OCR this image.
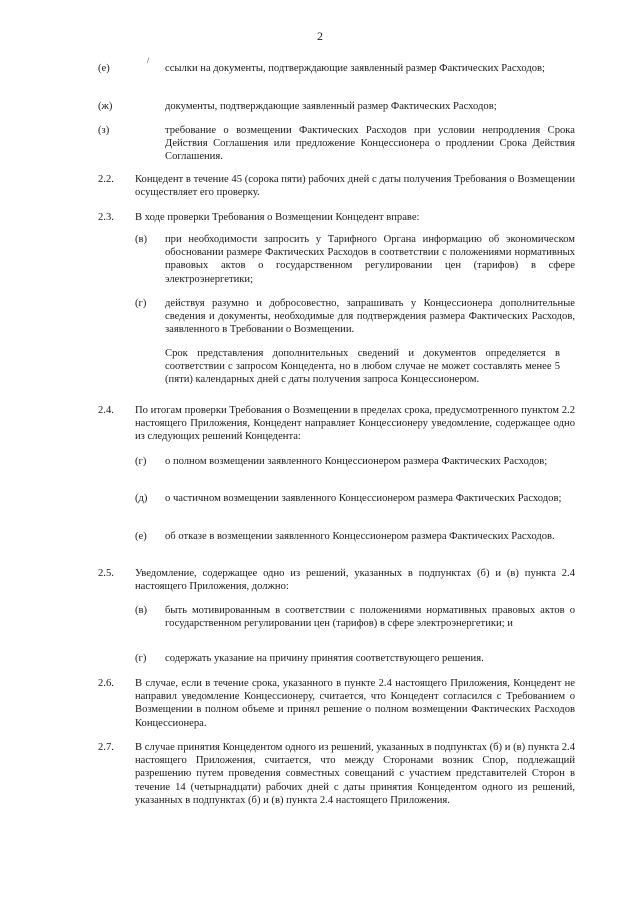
2
/
(е)	ссылки на документы, подтверждающие заявленный размер Фактических Расходов;
(ж)	документы, подтверждающие заявленный размер Фактических Расходов;
(з)	требование о возмещении Фактических Расходов при условии непродления Срока Действия Соглашения или предложение Концессионера о продлении Срока Действия Соглашения.
2.2. Концедент в течение 45 (сорока пяти) рабочих дней с даты получения Требования о Возмещении осуществляет его проверку.
2.3. В ходе проверки Требования о Возмещении Концедент вправе:
(в) при необходимости запросить у Тарифного Органа информацию об экономическом обосновании размере Фактических Расходов в соответствии с положениями нормативных правовых актов о государственном регулировании цен (тарифов) в сфере электроэнергетики;
(г) действуя разумно и добросовестно, запрашивать у Концессионера дополнительные сведения и документы, необходимые для подтверждения размера Фактических Расходов, заявленного в Требовании о Возмещении.
Срок представления дополнительных сведений и документов определяется в соответствии с запросом Концедента, но в любом случае не может составлять менее 5 (пяти) календарных дней с даты получения запроса Концессионером.
2.4. По итогам проверки Требования о Возмещении в пределах срока, предусмотренного пунктом 2.2 настоящего Приложения, Концедент направляет Концессионеру уведомление, содержащее одно из следующих решений Концедента:
(г) о полном возмещении заявленного Концессионером размера Фактических Расходов;
(д) о частичном возмещении заявленного Концессионером размера Фактических Расходов;
(е) об отказе в возмещении заявленного Концессионером размера Фактических Расходов.
2.5. Уведомление, содержащее одно из решений, указанных в подпунктах (б) и (в) пункта 2.4 настоящего Приложения, должно:
(в) быть мотивированным в соответствии с положениями нормативных правовых актов о государственном регулировании цен (тарифов) в сфере электроэнергетики; и
(г) содержать указание на причину принятия соответствующего решения.
2.6. В случае, если в течение срока, указанного в пункте 2.4 настоящего Приложения, Концедент не направил уведомление Концессионеру, считается, что Концедент согласился с Требованием о Возмещении в полном объеме и принял решение о полном возмещении Фактических Расходов Концессионера.
2.7. В случае принятия Концедентом одного из решений, указанных в подпунктах (б) и (в) пункта 2.4 настоящего Приложения, считается, что между Сторонами возник Спор, подлежащий разрешению путем проведения совместных совещаний с участием представителей Сторон в течение 14 (четырнадцати) рабочих дней с даты принятия Концедентом одного из решений, указанных в подпунктах (б) и (в) пункта 2.4 настоящего Приложения.
